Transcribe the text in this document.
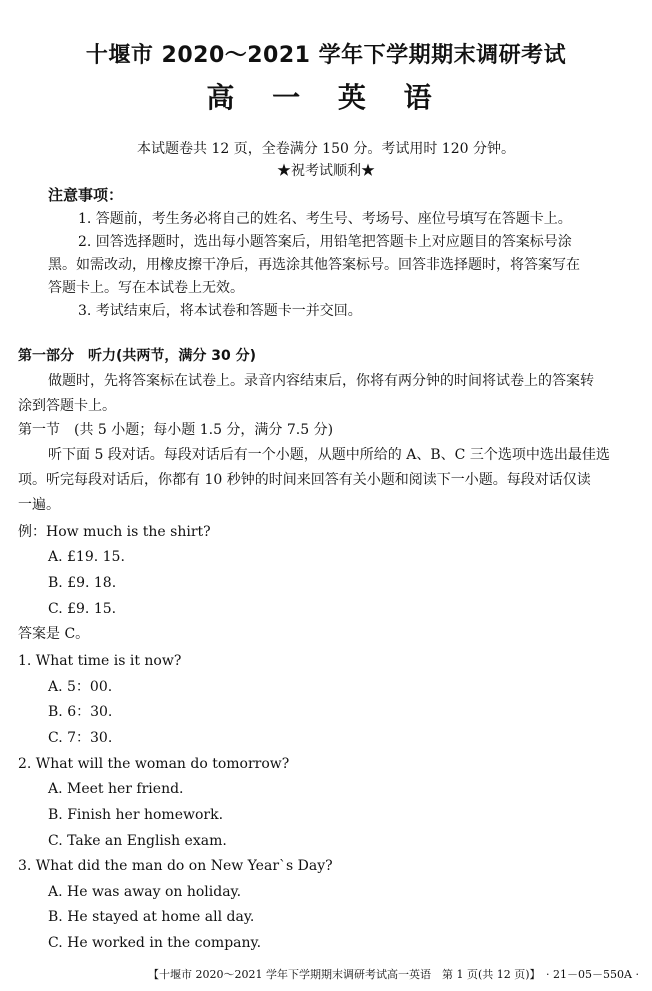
十堰市 2020～2021 学年下学期期末调研考试
高 一 英 语
本试题卷共 12 页，全卷满分 150 分。考试用时 120 分钟。
★祝考试顺利★
注意事项：
1. 答题前，考生务必将自己的姓名、考生号、考场号、座位号填写在答题卡上。
2. 回答选择题时，选出每小题答案后，用铅笔把答题卡上对应题目的答案标号涂
黑。如需改动，用橡皮擦干净后，再选涂其他答案标号。回答非选择题时，将答案写在
答题卡上。写在本试卷上无效。
3. 考试结束后，将本试卷和答题卡一并交回。
第一部分　听力(共两节，满分 30 分)
做题时，先将答案标在试卷上。录音内容结束后，你将有两分钟的时间将试卷上的答案转
涂到答题卡上。
第一节　(共 5 小题；每小题 1.5 分，满分 7.5 分)
听下面 5 段对话。每段对话后有一个小题，从题中所给的 A、B、C 三个选项中选出最佳选
项。听完每段对话后，你都有 10 秒钟的时间来回答有关小题和阅读下一小题。每段对话仅读
一遍。
例：How much is the shirt?
A. £19. 15.
B. £9. 18.
C. £9. 15.
答案是 C。
1. What time is it now?
A. 5：00.
B. 6：30.
C. 7：30.
2. What will the woman do tomorrow?
A. Meet her friend.
B. Finish her homework.
C. Take an English exam.
3. What did the man do on New Year`s Day?
A. He was away on holiday.
B. He stayed at home all day.
C. He worked in the company.
【十堰市 2020～2021 学年下学期期末调研考试高一英语　第 1 页(共 12 页)】　· 21－05－550A ·
